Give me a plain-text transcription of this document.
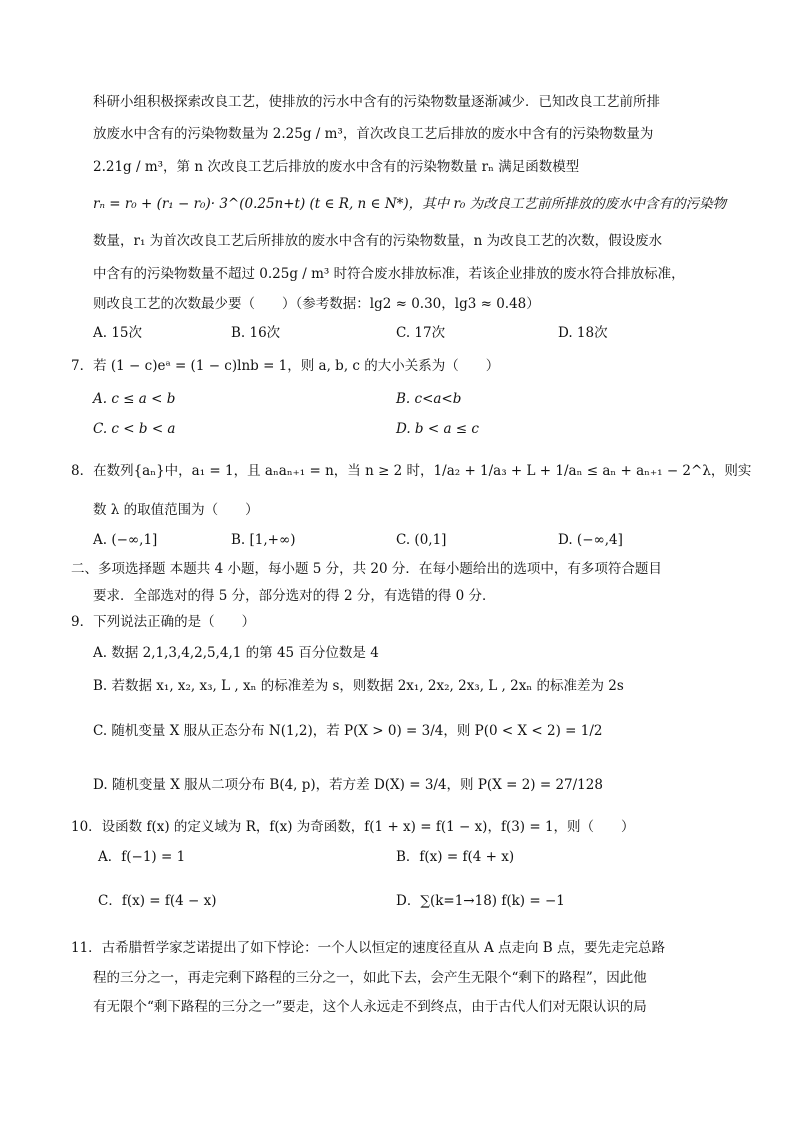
科研小组积极探索改良工艺，使排放的污水中含有的污染物数量逐渐减少．已知改良工艺前所排
放废水中含有的污染物数量为 2.25g / m³，首次改良工艺后排放的废水中含有的污染物数量为
2.21g / m³，第 n 次改良工艺后排放的废水中含有的污染物数量 rₙ 满足函数模型
rₙ = r₀ + (r₁ − r₀)· 3^(0.25n+t) (t ∈ R, n ∈ N*)，其中 r₀ 为改良工艺前所排放的废水中含有的污染物
数量，r₁ 为首次改良工艺后所排放的废水中含有的污染物数量，n 为改良工艺的次数，假设废水
中含有的污染物数量不超过 0.25g / m³ 时符合废水排放标准，若该企业排放的废水符合排放标准，
则改良工艺的次数最少要（　　）（参考数据：lg2 ≈ 0.30，lg3 ≈ 0.48）
A. 15次	B. 16次	C. 17次	D. 18次
7．若 (1 − c)eᵃ = (1 − c)lnb = 1，则 a, b, c 的大小关系为（　　）
A. c ≤ a < b	B. c<a<b
C. c < b < a	D. b < a ≤ c
8．在数列{aₙ}中，a₁ = 1，且 aₙaₙ₊₁ = n，当 n ≥ 2 时，1/a₂ + 1/a₃ + L + 1/aₙ ≤ aₙ + aₙ₊₁ − 2^λ，则实
数 λ 的取值范围为（　　）
A. (−∞,1]	B. [1,+∞)	C. (0,1]	D. (−∞,4]
二、多项选择题 本题共 4 小题，每小题 5 分，共 20 分．在每小题给出的选项中，有多项符合题目
要求．全部选对的得 5 分，部分选对的得 2 分，有选错的得 0 分．
9．下列说法正确的是（　　）
A. 数据 2,1,3,4,2,5,4,1 的第 45 百分位数是 4
B. 若数据 x₁, x₂, x₃, L , xₙ 的标准差为 s，则数据 2x₁, 2x₂, 2x₃, L , 2xₙ 的标准差为 2s
C. 随机变量 X 服从正态分布 N(1,2)，若 P(X > 0) = 3/4，则 P(0 < X < 2) = 1/2
D. 随机变量 X 服从二项分布 B(4, p)，若方差 D(X) = 3/4，则 P(X = 2) = 27/128
10．设函数 f(x) 的定义域为 R，f(x) 为奇函数，f(1 + x) = f(1 − x)，f(3) = 1，则（　　）
A．f(−1) = 1	B．f(x) = f(4 + x)
C．f(x) = f(4 − x)	D．∑(k=1→18) f(k) = −1
11．古希腊哲学家芝诺提出了如下悖论：一个人以恒定的速度径直从 A 点走向 B 点，要先走完总路
程的三分之一，再走完剩下路程的三分之一，如此下去，会产生无限个“剩下的路程”，因此他
有无限个“剩下路程的三分之一”要走，这个人永远走不到终点，由于古代人们对无限认识的局
